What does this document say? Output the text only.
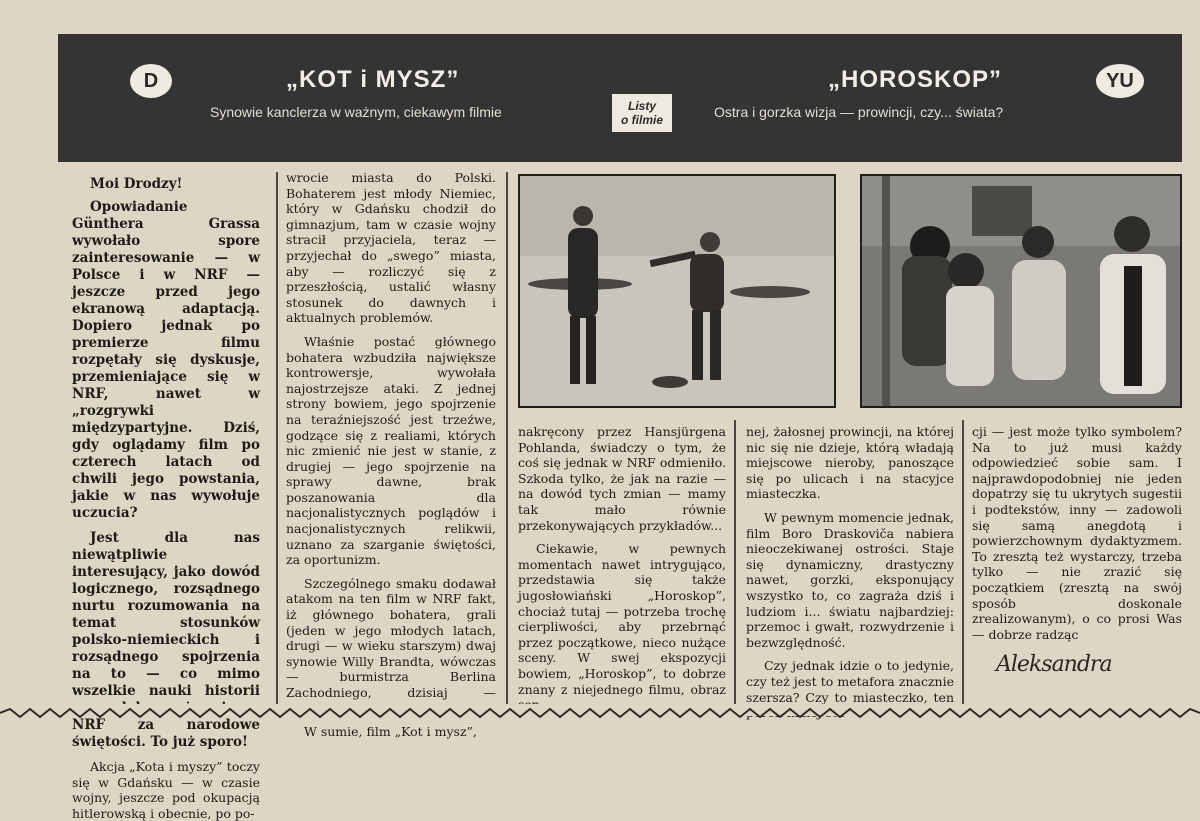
D	„KOT i MYSZ”
Synowie kanclerza w ważnym, ciekawym filmie	Listy
o filmie
„HOROSKOP”
Ostra i gorzka wizja — prowincji, czy... świata?
YU
Moi Drodzy!

Opowiadanie Günthera Grassa wywołało spore zainteresowanie — w Polsce i w NRF — jeszcze przed jego ekranową adaptacją. Dopiero jednak po premierze filmu rozpętały się dyskusje, przemieniające się w NRF, nawet w „rozgrywki międzypartyjne. Dziś, gdy oglądamy film po czterech latach od chwili jego powstania, jakie w nas wywołuje uczucia?

Jest dla nas niewątpliwie interesujący, jako dowód logicznego, rozsądnego nurtu rozumowania na temat stosunków polsko-niemieckich i rozsądnego spojrzenia na to — co mimo wszelkie nauki historii NRF za narodowe świętości. To już sporo!

Akcja „Kota i myszy” toczy się w Gdańsku — w czasie wojny, jeszcze pod okupacją hitlerowską i obecnie, po po-

wrocie miasta do Polski. Bohaterem jest młody Niemiec, który w Gdańsku chodził do gimnazjum, tam w czasie wojny stracił przyjaciela, teraz — przyjechał do „swego” miasta, aby — rozliczyć się z przeszłością, ustalić własny stosunek do dawnych i aktualnych problemów.

Właśnie postać głównego bohatera wzbudziła największe kontrowersje, wywołała najostrzejsze ataki. Z jednej strony bowiem, jego spojrzenie na teraźniejszość jest trzeźwe, godzące się z realiami, których nic zmienić nie jest w stanie, z drugiej — jego spojrzenie na sprawy dawne, brak poszanowania dla nacjonalistycznych poglądów i nacjonalistycznych relikwii, uznano za szarganie świętości, za oportunizm.

Szczególnego smaku dodawał atakom na ten film w NRF fakt, iż głównego bohatera, grali (jeden w jego młodych latach, drugi — w wieku starszym) dwaj synowie Willy Brandta, wówczas — burmistrza Berlina Zachodniego, dzisiaj —

W sumie, film „Kot i mysz”,

nakręcony przez Hansjürgena Pohlanda, świadczy o tym, że coś się jednak w NRF odmieniło. Szkoda tylko, że jak na razie — na dowód tych zmian — mamy tak mało równie przekonywających przykładów...

Ciekawie, w pewnych momentach nawet intrygująco, przedstawia się także jugosłowiański „Horoskop”, chociaż tutaj — potrzeba trochę cierpliwości, aby przebrnąć przez początkowe, nieco nużące sceny. W swej ekspozycji bowiem, „Horoskop”, to dobrze znany z niejednego filmu, obraz

nej, żałosnej prowincji, na której nic się nie dzieje, którą władają miejscowe nieroby, panoszące się po ulicach i na stacyjce miasteczka.

W pewnym momencie jednak, film Boro Draskoviča nabiera nieoczekiwanej ostrości. Staje się dynamiczny, drastyczny nawet, gorzki, eksponujący wszystko to, co zagraża dziś i ludziom i... światu najbardziej: przemoc i gwałt, rozwydrzenie i bezwzględność.

Czy jednak idzie o to jedynie, czy też jest to metafora znacznie szersza? Czy to miasteczko, ten

cji — jest może tylko symbolem? Na to już musi każdy odpowiedzieć sobie sam. I najprawdopodobniej nie jeden dopatrzy się tu ukrytych sugestii i podtekstów, inny — zadowoli się samą anegdotą i powierzchownym dydaktyzmem. To zresztą też wystarczy, trzeba tylko — nie zrazić się początkiem (zresztą na swój sposób doskonale zrealizowanym), o co prosi Was — dobrze radząc

Aleksandra
